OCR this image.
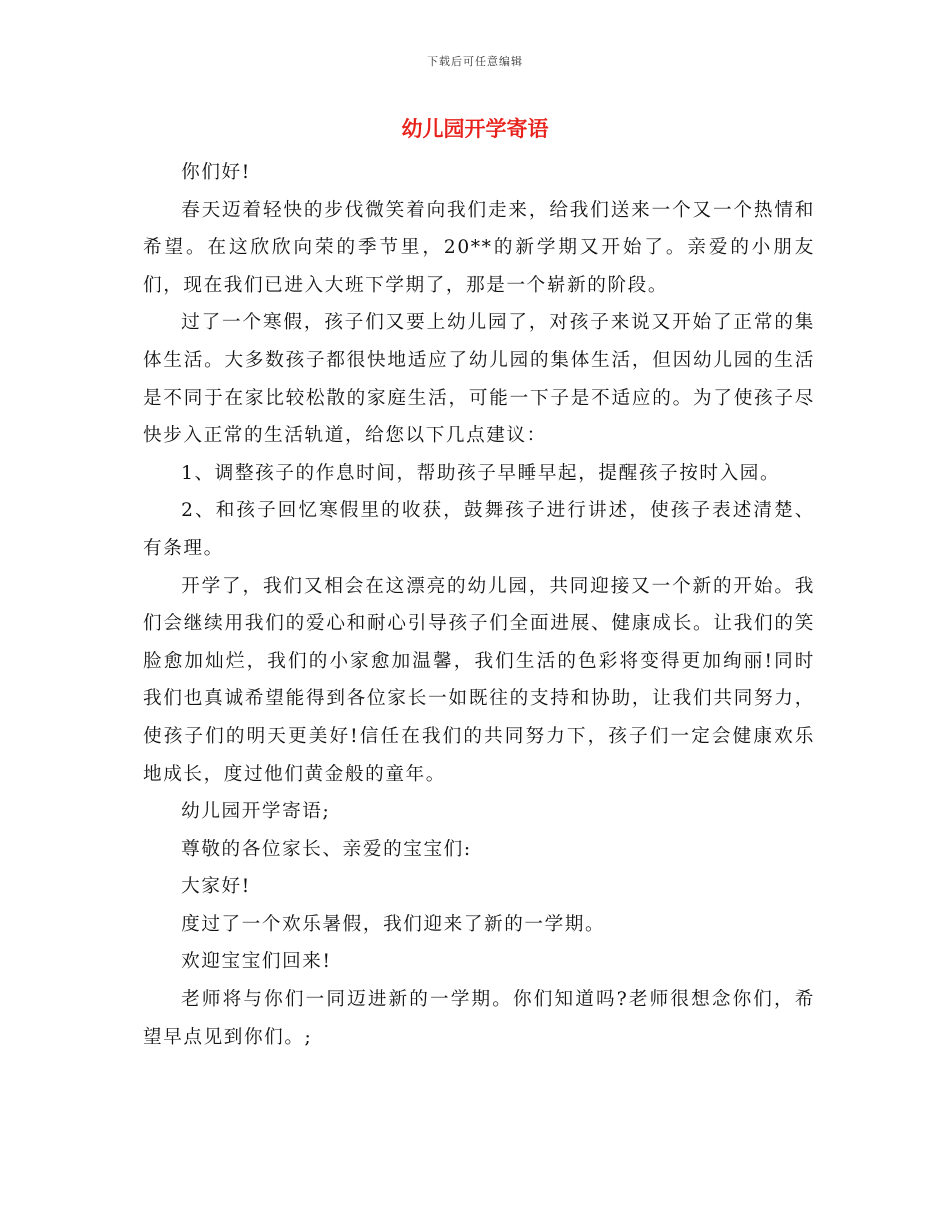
下载后可任意编辑
幼儿园开学寄语

你们好!

春天迈着轻快的步伐微笑着向我们走来，给我们送来一个又一个热情和希望。在这欣欣向荣的季节里，20**的新学期又开始了。亲爱的小朋友们，现在我们已进入大班下学期了，那是一个崭新的阶段。

过了一个寒假，孩子们又要上幼儿园了，对孩子来说又开始了正常的集体生活。大多数孩子都很快地适应了幼儿园的集体生活，但因幼儿园的生活是不同于在家比较松散的家庭生活，可能一下子是不适应的。为了使孩子尽快步入正常的生活轨道，给您以下几点建议：

1、调整孩子的作息时间，帮助孩子早睡早起，提醒孩子按时入园。

2、和孩子回忆寒假里的收获，鼓舞孩子进行讲述，使孩子表述清楚、有条理。

开学了，我们又相会在这漂亮的幼儿园，共同迎接又一个新的开始。我们会继续用我们的爱心和耐心引导孩子们全面进展、健康成长。让我们的笑脸愈加灿烂，我们的小家愈加温馨，我们生活的色彩将变得更加绚丽!同时我们也真诚希望能得到各位家长一如既往的支持和协助，让我们共同努力，使孩子们的明天更美好!信任在我们的共同努力下，孩子们一定会健康欢乐地成长，度过他们黄金般的童年。

幼儿园开学寄语;

尊敬的各位家长、亲爱的宝宝们:

大家好!

度过了一个欢乐暑假，我们迎来了新的一学期。

欢迎宝宝们回来!

老师将与你们一同迈进新的一学期。你们知道吗?老师很想念你们，希望早点见到你们。;
